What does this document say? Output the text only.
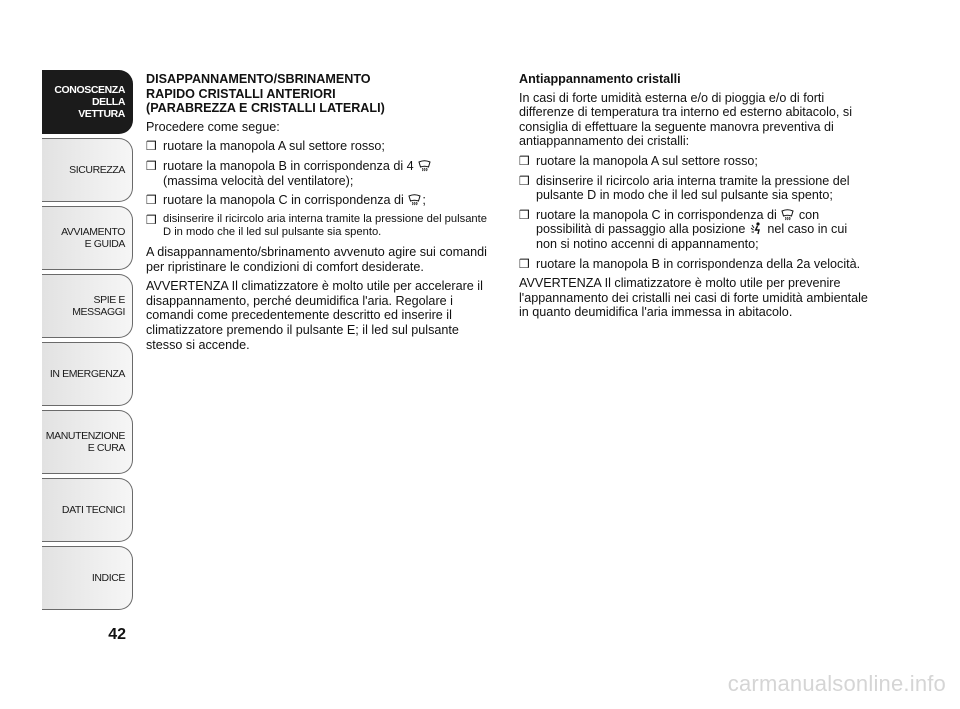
CONOSCENZA
DELLA
VETTURA
SICUREZZA
AVVIAMENTO
E GUIDA
SPIE E
MESSAGGI
IN EMERGENZA
MANUTENZIONE
E CURA
DATI TECNICI
INDICE
42
DISAPPANNAMENTO/SBRINAMENTO
RAPIDO CRISTALLI ANTERIORI
(PARABREZZA E CRISTALLI LATERALI)

Procedere come segue:

❒ ruotare la manopola A sul settore rosso;
❒ ruotare la manopola B in corrispondenza di 4
(massima velocità del ventilatore);
❒ ruotare la manopola C in corrispondenza di ;
❒ disinserire il ricircolo aria interna tramite la pressione del pulsante D in modo che il led sul pulsante sia spento.

A disappannamento/sbrinamento avvenuto agire sui comandi per ripristinare le condizioni di comfort desiderate.

AVVERTENZA Il climatizzatore è molto utile per accelerare il disappannamento, perché deumidifica l'aria. Regolare i comandi come precedentemente descritto ed inserire il climatizzatore premendo il pulsante E; il led sul pulsante stesso si accende.

Antiappannamento cristalli

In casi di forte umidità esterna e/o di pioggia e/o di forti differenze di temperatura tra interno ed esterno abitacolo, si consiglia di effettuare la seguente manovra preventiva di antiappannamento dei cristalli:

❒ ruotare la manopola A sul settore rosso;
❒ disinserire il ricircolo aria interna tramite la pressione del pulsante D in modo che il led sul pulsante sia spento;
❒ ruotare la manopola C in corrispondenza di con possibilità di passaggio alla posizione nel caso in cui non si notino accenni di appannamento;
❒ ruotare la manopola B in corrispondenza della 2a velocità.

AVVERTENZA Il climatizzatore è molto utile per prevenire l'appannamento dei cristalli nei casi di forte umidità ambientale in quanto deumidifica l'aria immessa in abitacolo.

carmanualsonline.info
